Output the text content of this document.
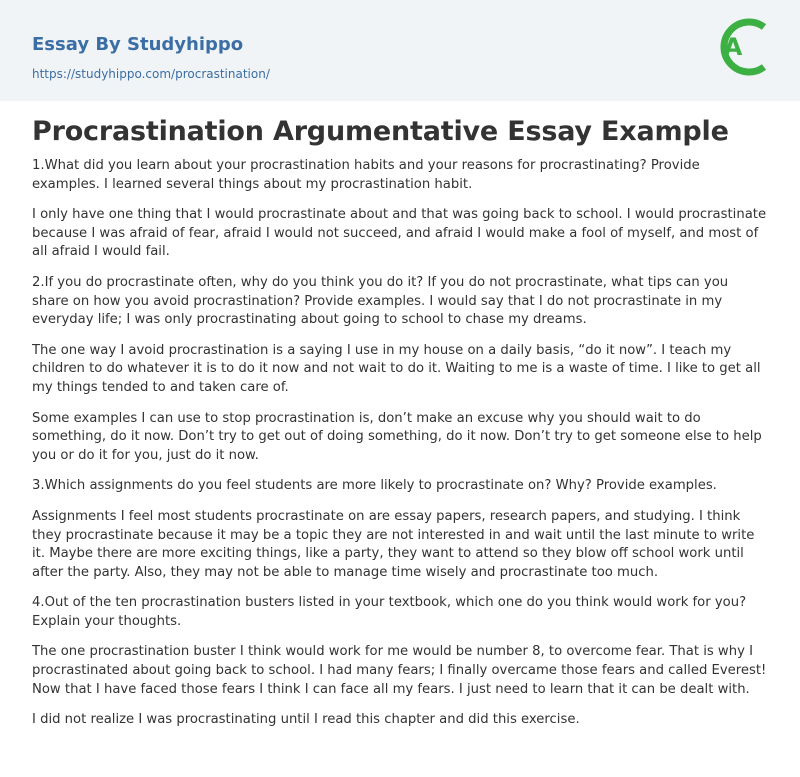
Essay By Studyhippo
https://studyhippo.com/procrastination/
A
Procrastination Argumentative Essay Example

1.What did you learn about your procrastination habits and your reasons for procrastinating? Provide examples. I learned several things about my procrastination habit.

I only have one thing that I would procrastinate about and that was going back to school. I would procrastinate because I was afraid of fear, afraid I would not succeed, and afraid I would make a fool of myself, and most of all afraid I would fail.

2.If you do procrastinate often, why do you think you do it? If you do not procrastinate, what tips can you share on how you avoid procrastination? Provide examples. I would say that I do not procrastinate in my everyday life; I was only procrastinating about going to school to chase my dreams.

The one way I avoid procrastination is a saying I use in my house on a daily basis, “do it now”. I teach my children to do whatever it is to do it now and not wait to do it. Waiting to me is a waste of time. I like to get all my things tended to and taken care of.

Some examples I can use to stop procrastination is, don’t make an excuse why you should wait to do something, do it now. Don’t try to get out of doing something, do it now. Don’t try to get someone else to help you or do it for you, just do it now.

3.Which assignments do you feel students are more likely to procrastinate on? Why? Provide examples.

Assignments I feel most students procrastinate on are essay papers, research papers, and studying. I think they procrastinate because it may be a topic they are not interested in and wait until the last minute to write it. Maybe there are more exciting things, like a party, they want to attend so they blow off school work until after the party. Also, they may not be able to manage time wisely and procrastinate too much.

4.Out of the ten procrastination busters listed in your textbook, which one do you think would work for you? Explain your thoughts.

The one procrastination buster I think would work for me would be number 8, to overcome fear. That is why I procrastinated about going back to school. I had many fears; I finally overcame those fears and called Everest! Now that I have faced those fears I think I can face all my fears. I just need to learn that it can be dealt with.

I did not realize I was procrastinating until I read this chapter and did this exercise.
